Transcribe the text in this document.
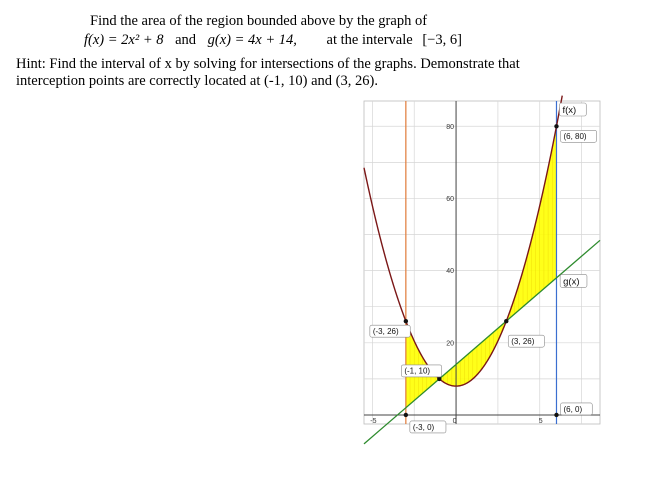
Find the area of the region bounded above by the graph of
f(x) = 2x² + 8 and g(x) = 4x + 14, at the intervale [−3, 6]
Hint: Find the interval of x by solving for intersections of the graphs. Demonstrate that
interception points are correctly located at (-1, 10) and (3, 26).
-5	0	5
20
40
60
80
(-3, 26)
(-1, 10)
(3, 26)
(6, 80)
(6, 0)
(-3, 0)
f(x)
g(x)
